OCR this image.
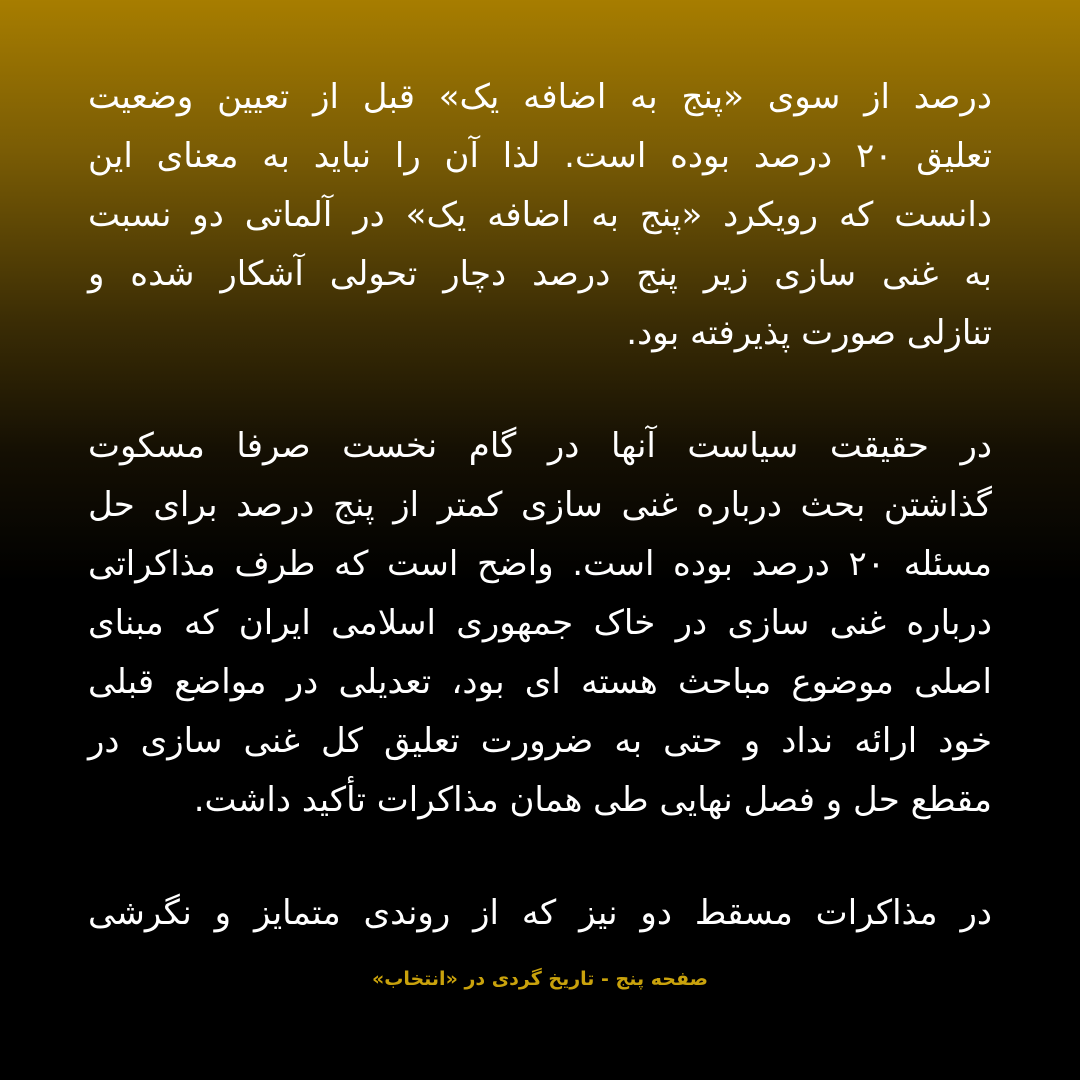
درصد از سوی «پنج به اضافه یک» قبل از تعیین وضعیت
تعلیق ۲۰ درصد بوده است. لذا آن را نباید به معنای این
دانست که رویکرد «پنج به اضافه یک» در آلماتی دو نسبت
به غنی سازی زیر پنج درصد دچار تحولی آشکار شده و
تنازلی صورت پذیرفته بود.
در حقیقت سیاست آنها در گام نخست صرفا مسکوت
گذاشتن بحث درباره غنی سازی کمتر از پنج درصد برای حل
مسئله ۲۰ درصد بوده است. واضح است که طرف مذاکراتی
درباره غنی سازی در خاک جمهوری اسلامی ایران که مبنای
اصلی موضوع مباحث هسته ای بود، تعدیلی در مواضع قبلی
خود ارائه نداد و حتی به ضرورت تعلیق کل غنی سازی در
مقطع حل و فصل نهایی طی همان مذاکرات تأکید داشت.
در مذاکرات مسقط دو نیز که از روندی متمایز و نگرشی
صفحه پنج - تاریخ گردی در «انتخاب»
